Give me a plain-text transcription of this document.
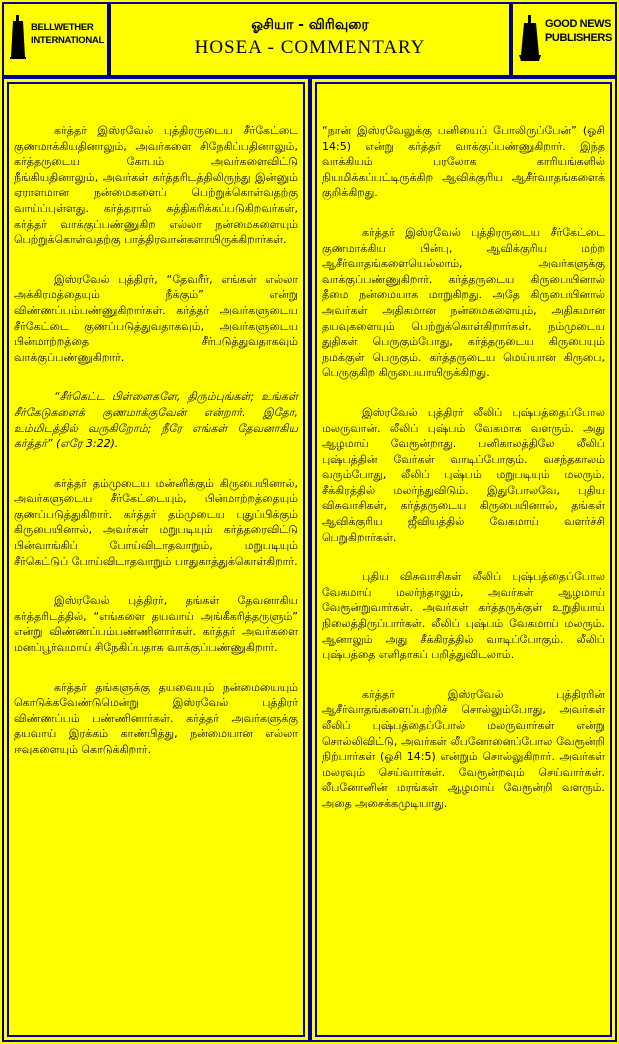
BELLWETHER
INTERNATIONAL
ஓசியா - விரிவுரை
HOSEA - COMMENTARY
GOOD NEWS
PUBLISHERS

கர்த்தர் இஸ்ரவேல் புத்திரருடைய சீர்கேட்டை குணமாக்கியதினாலும், அவர்களை சிநேகிப்பதினாலும், கர்த்தருடைய கோபம் அவர்களைவிட்டு நீங்கியதினாலும், அவர்கள் கர்த்தரிடத்திலிருந்து இன்னும் ஏராளமான நன்மைகளைப் பெற்றுக்கொள்வதற்கு வாய்ப்புள்ளது. கர்த்தரால் சுத்திகரிக்கப்படுகிறவர்கள், கர்த்தர் வாக்குப்பண்ணுகிற எல்லா நன்மைகளையும் பெற்றுக்கொள்வதற்கு பாத்திரவான்களாயிருக்கிறார்கள்.

இஸ்ரவேல் புத்திரர், “தேவரீர், எங்கள் எல்லா அக்கிரமத்தையும் நீக்கும்” என்று விண்ணப்பம்பண்ணுகிறார்கள். கர்த்தர் அவர்களுடைய சீர்கேட்டை குணப்படுத்துவதாகவும், அவர்களுடைய பின்மாற்றத்தை சீர்படுத்துவதாகவும் வாக்குப்பண்ணுகிறார்.

“சீர்கெட்ட பிள்ளைகளே, திரும்புங்கள்; உங்கள் சீர்கேடுகளைக் குணமாக்குவேன் என்றார். இதோ, உம்மிடத்தில் வருகிறோம்; நீரே எங்கள் தேவனாகிய கர்த்தர்” (எரே 3:22).

கர்த்தர் தம்முடைய மன்னிக்கும் கிருபையினால், அவர்களுடைய சீர்கேட்டையும், பின்மாற்றத்தையும் குணப்படுத்துகிறார். கர்த்தர் தம்முடைய புதுப்பிக்கும் கிருபையினால், அவர்கள் மறுபடியும் கர்த்தரைவிட்டு பின்வாங்கிப் போய்விடாதவாறும், மறுபடியும் சீர்கெட்டுப் போய்விடாதவாறும் பாதுகாத்துக்கொள்கிறார்.

இஸ்ரவேல் புத்திரர், தங்கள் தேவனாகிய கர்த்தரிடத்தில், “எங்களை தயவாய் அங்கீகரித்தருளும்” என்று விண்ணப்பம்பண்ணினார்கள். கர்த்தர் அவர்களை மனப்பூர்வமாய் சிநேகிப்பதாக வாக்குப்பண்ணுகிறார்.

கர்த்தர் தங்களுக்கு தயவையும் நன்மையையும் கொடுக்கவேண்டுமென்று இஸ்ரவேல் புத்திரர் விண்ணப்பம் பண்ணினார்கள். கர்த்தர் அவர்களுக்கு தயவாய் இரக்கம் காண்பித்து, நன்மையான எல்லா ஈவுகளையும் கொடுக்கிறார்.

“நான் இஸ்ரவேலுக்கு பனியைப் போலிருப்பேன்” (ஓசி 14:5) என்று கர்த்தர் வாக்குப்பண்ணுகிறார். இந்த வாக்கியம் பரலோக காரியங்களில் நியமிக்கப்பட்டிருக்கிற ஆவிக்குரிய ஆசீர்வாதங்களைக் குறிக்கிறது.

கர்த்தர் இஸ்ரவேல் புத்திரருடைய சீர்கேட்டை குணமாக்கிய பின்பு, ஆவிக்குரிய மற்ற ஆசீர்வாதங்களையெல்லாம், அவர்களுக்கு வாக்குப்பண்ணுகிறார். கர்த்தருடைய கிருபையினால் தீமை நன்மையாக மாறுகிறது. அதே கிருபையினால் அவர்கள் அதிகமான நன்மைகளையும், அதிகமான தயவுகளையும் பெற்றுக்கொள்கிறார்கள். நம்முடைய துதிகள் பெருகும்போது, கர்த்தருடைய கிருபையும் நமக்குள் பெருகும். கர்த்தருடைய மெய்யான கிருபை, பெருகுகிற கிருபையாயிருக்கிறது.

இஸ்ரவேல் புத்திரர் லீலிப் புஷ்பத்தைப்போல மலருவான். லீலிப் புஷ்பம் வேகமாக வளரும். அது ஆழமாய் வேரூன்றாது. பனிகாலத்திலே லீலிப் புஷ்பத்தின் வேர்கள் வாடிப்போகும். வசந்தகாலம் வரும்போது, லீலிப் புஷ்பம் மறுபடியும் மலரும். சீக்கிரத்தில் மலர்ந்துவிடும். இதுபோலவே, புதிய விசுவாசிகள், கர்த்தருடைய கிருபையினால், தங்கள் ஆவிக்குரிய ஜீவியத்தில் வேகமாய் வளர்ச்சி பெறுகிறார்கள்.

புதிய விசுவாசிகள் லீலிப் புஷ்பத்தைப்போல வேகமாய் மலர்ந்தாலும், அவர்கள் ஆழமாய் வேரூன்றுவார்கள். அவர்கள் கர்த்தருக்குள் உறுதியாய் நிலைத்திருப்பார்கள். லீலிப் புஷ்பம் வேகமாய் மலரும். ஆனாலும் அது சீக்கிரத்தில் வாடிப்போகும். லீலிப் புஷ்பத்தை எளிதாகப் பறித்துவிடலாம்.

கர்த்தர் இஸ்ரவேல் புத்திரரின் ஆசீர்வாதங்களைப்பற்றிச் சொல்லும்போது, அவர்கள் லீலிப் புஷ்பத்தைப்போல் மலருவார்கள் என்று சொல்லிவிட்டு, அவர்கள் லீபனோனைப்போல வேரூன்றி நிற்பார்கள் (ஓசி 14:5) என்றும் சொல்லுகிறார். அவர்கள் மலரவும் செய்வார்கள். வேரூன்றவும் செய்வார்கள். லீபனோனின் மரங்கள் ஆழமாய் வேரூன்றி வளரும். அதை அசைக்கமுடியாது.
